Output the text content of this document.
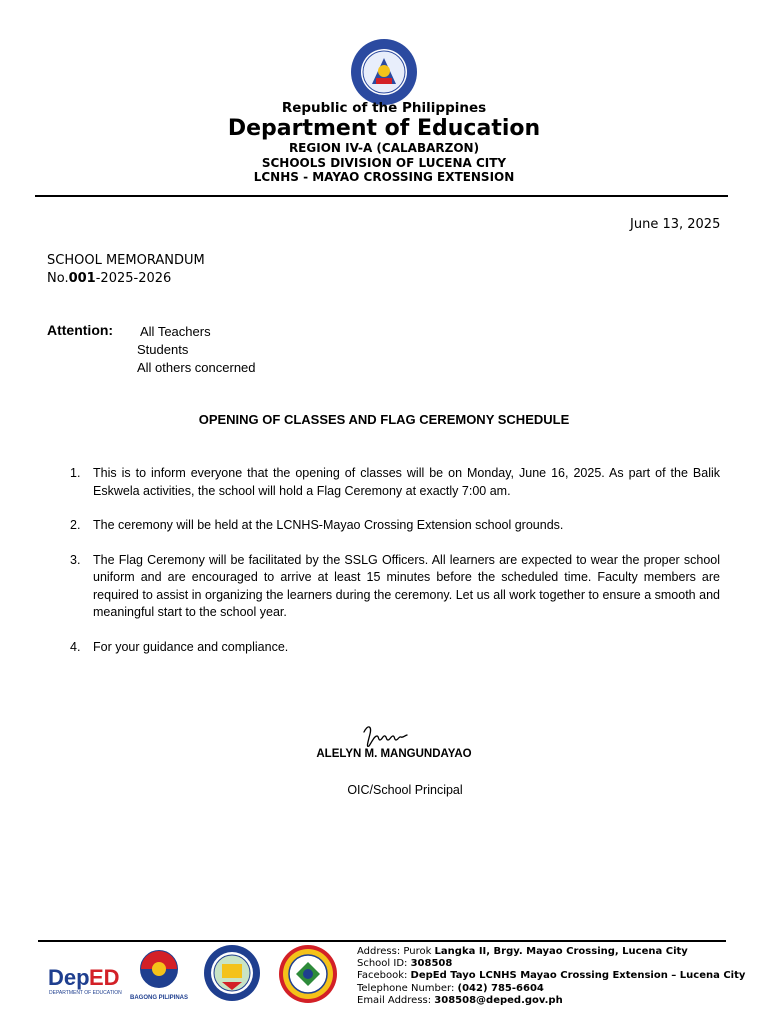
Republic of the Philippines
Department of Education
REGION IV-A (CALABARZON)
SCHOOLS DIVISION OF LUCENA CITY
LCNHS - MAYAO CROSSING EXTENSION
June 13, 2025
SCHOOL MEMORANDUM
No.001-2025-2026
Attention: All Teachers
Students
All others concerned
OPENING OF CLASSES AND FLAG CEREMONY SCHEDULE
1.	This is to inform everyone that the opening of classes will be on Monday, June 16, 2025. As part of the Balik Eskwela activities, the school will hold a Flag Ceremony at exactly 7:00 am.
2.	The ceremony will be held at the LCNHS-Mayao Crossing Extension school grounds.
3.	The Flag Ceremony will be facilitated by the SSLG Officers. All learners are expected to wear the proper school uniform and are encouraged to arrive at least 15 minutes before the scheduled time. Faculty members are required to assist in organizing the learners during the ceremony. Let us all work together to ensure a smooth and meaningful start to the school year.
4.	For your guidance and compliance.
ALELYN M. MANGUNDAYAO
OIC/School Principal
Dep ED
DEPARTMENT OF EDUCATION
BAGONG PILIPINAS
Address: Purok Langka II, Brgy. Mayao Crossing, Lucena City
School ID: 308508
Facebook: DepEd Tayo LCNHS Mayao Crossing Extension – Lucena City
Telephone Number: (042) 785-6604
Email Address: 308508@deped.gov.ph
